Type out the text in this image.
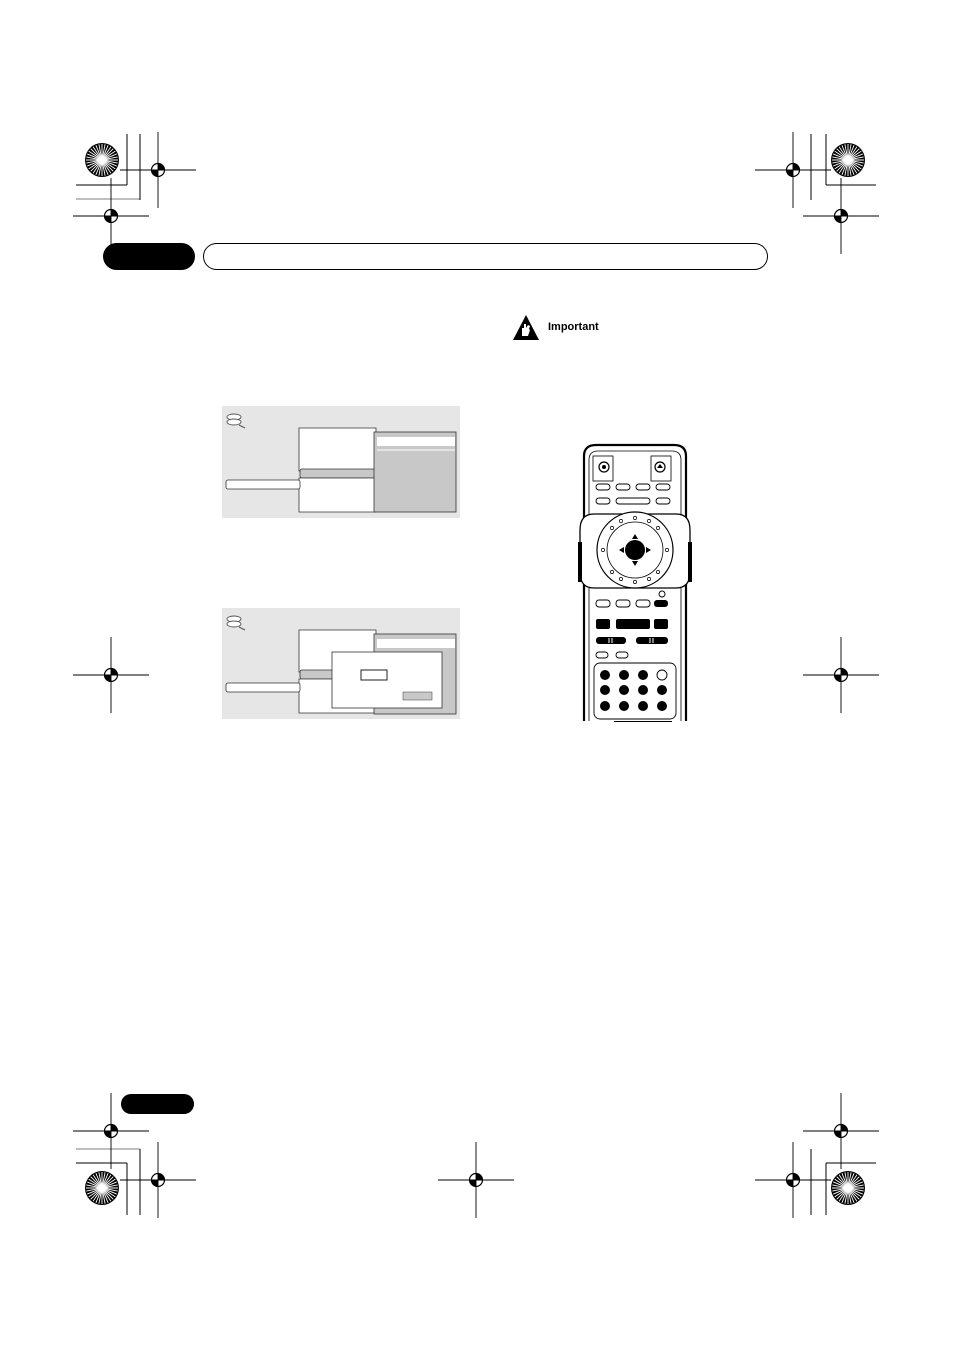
Important
